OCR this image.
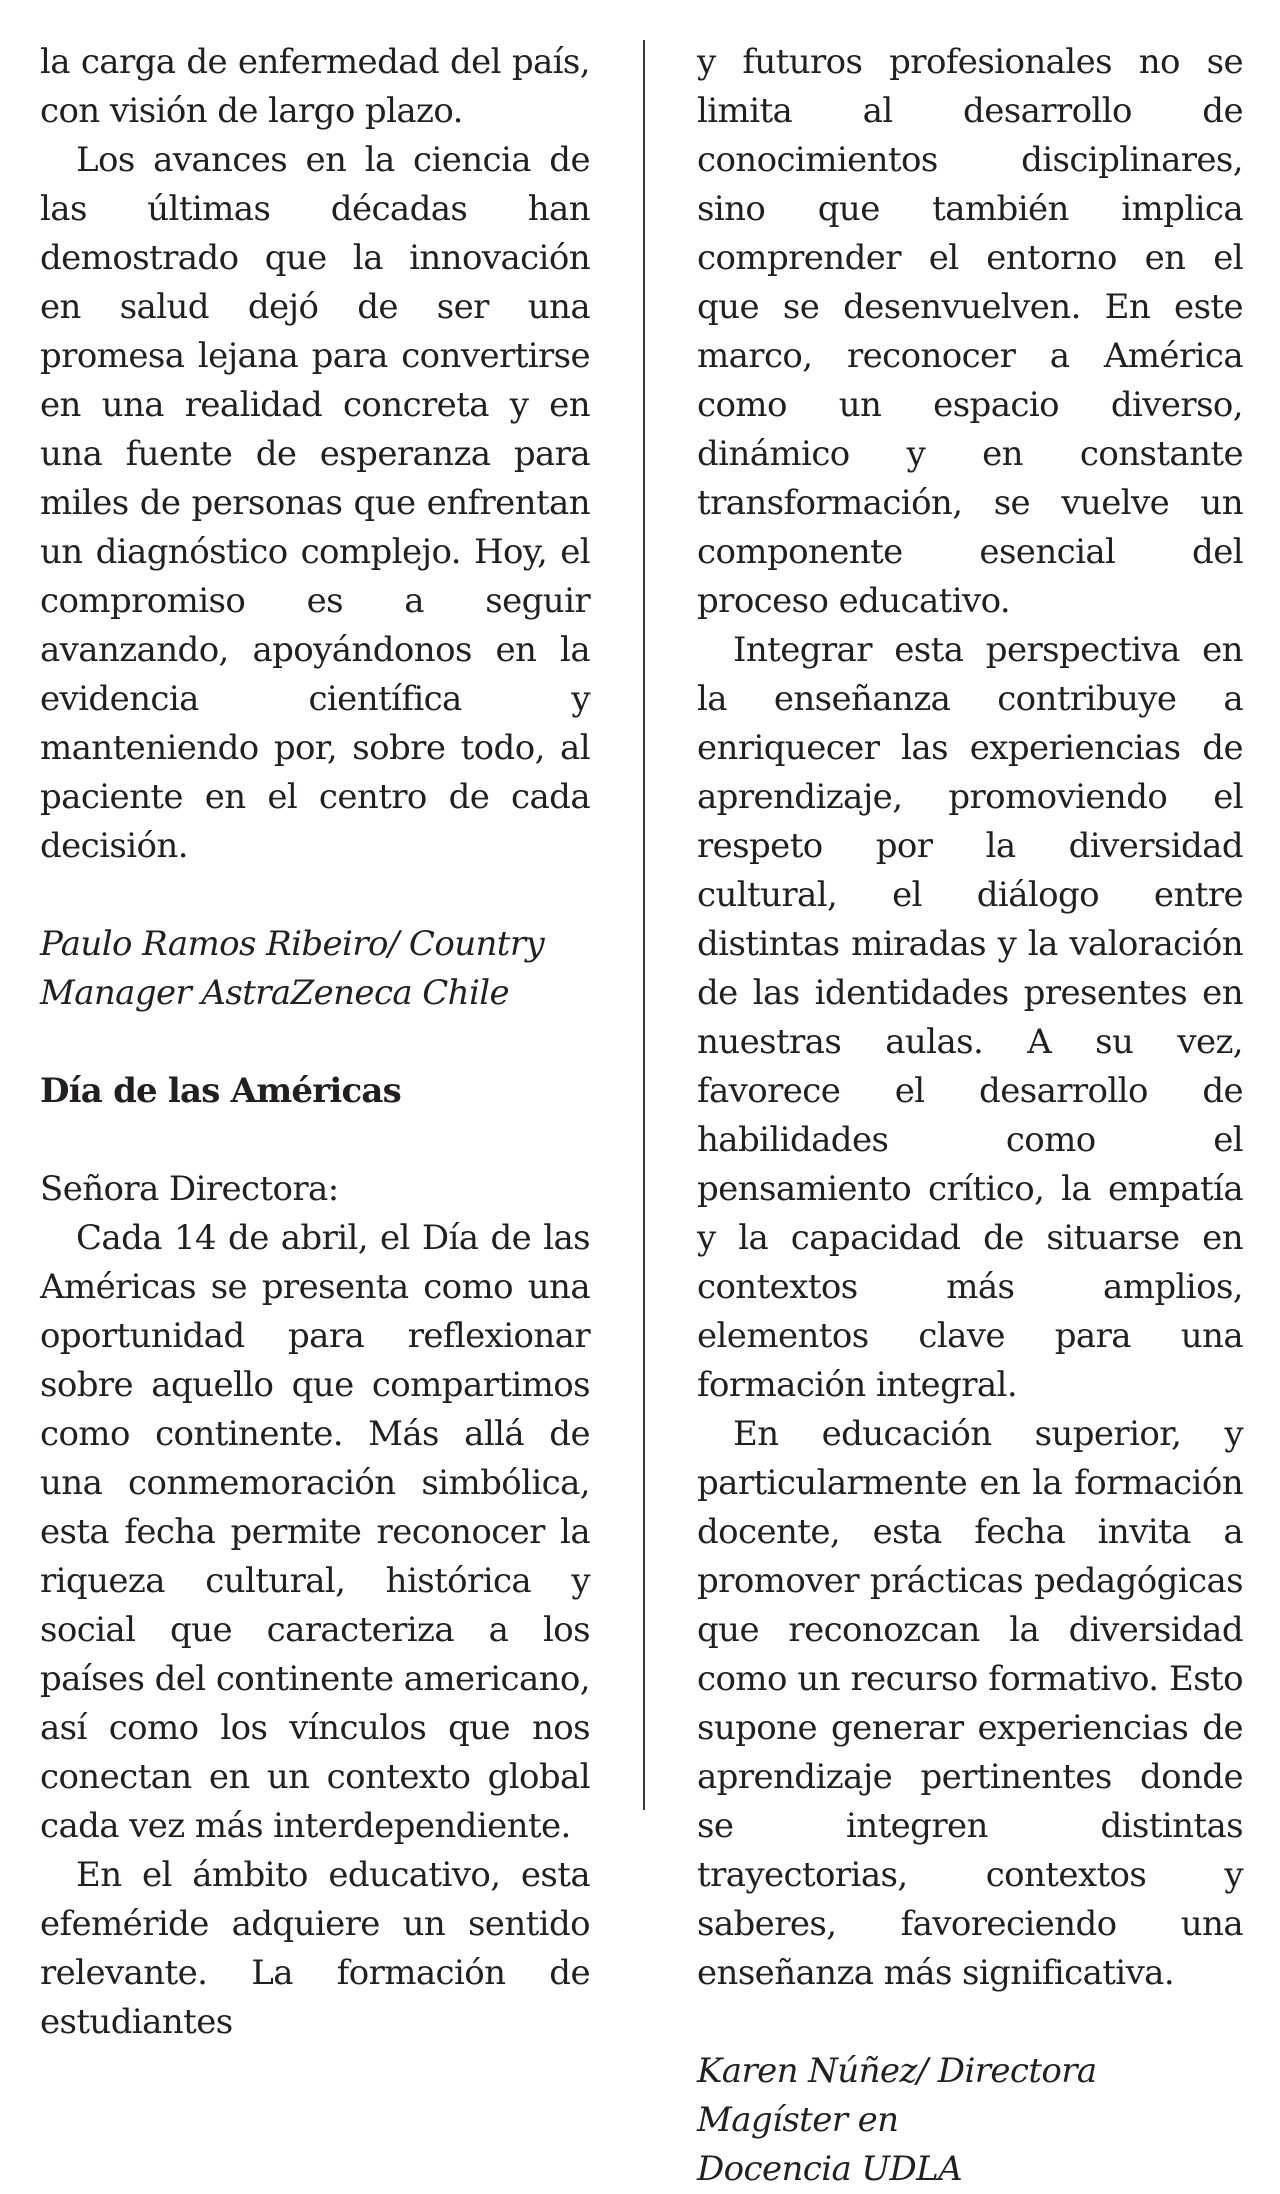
la carga de enfermedad del país, con visión de largo plazo.

Los avances en la ciencia de las últimas décadas han demostrado que la innovación en salud dejó de ser una promesa lejana para convertirse en una realidad concreta y en una fuente de esperanza para miles de personas que enfrentan un diagnóstico complejo. Hoy, el compromiso es a seguir avanzando, apoyándonos en la evidencia científica y manteniendo por, sobre todo, al paciente en el centro de cada decisión.

Paulo Ramos Ribeiro/ Country
Manager AstraZeneca Chile
Día de las Américas
Señora Directora:

Cada 14 de abril, el Día de las Américas se presenta como una oportunidad para reflexionar sobre aquello que compartimos como continente. Más allá de una conmemoración simbólica, esta fecha permite reconocer la riqueza cultural, histórica y social que caracteriza a los países del continente americano, así como los vínculos que nos conectan en un contexto global cada vez más interdependiente.

En el ámbito educativo, esta efeméride adquiere un sentido relevante. La formación de estudiantes

y futuros profesionales no se limita al desarrollo de conocimientos disciplinares, sino que también implica comprender el entorno en el que se desenvuelven. En este marco, reconocer a América como un espacio diverso, dinámico y en constante transformación, se vuelve un componente esencial del proceso educativo.

Integrar esta perspectiva en la enseñanza contribuye a enriquecer las experiencias de aprendizaje, promoviendo el respeto por la diversidad cultural, el diálogo entre distintas miradas y la valoración de las identidades presentes en nuestras aulas. A su vez, favorece el desarrollo de habilidades como el pensamiento crítico, la empatía y la capacidad de situarse en contextos más amplios, elementos clave para una formación integral.

En educación superior, y particularmente en la formación docente, esta fecha invita a promover prácticas pedagógicas que reconozcan la diversidad como un recurso formativo. Esto supone generar experiencias de aprendizaje pertinentes donde se integren distintas trayectorias, contextos y saberes, favoreciendo una enseñanza más significativa.

Karen Núñez/ Directora Magíster en
Docencia UDLA
